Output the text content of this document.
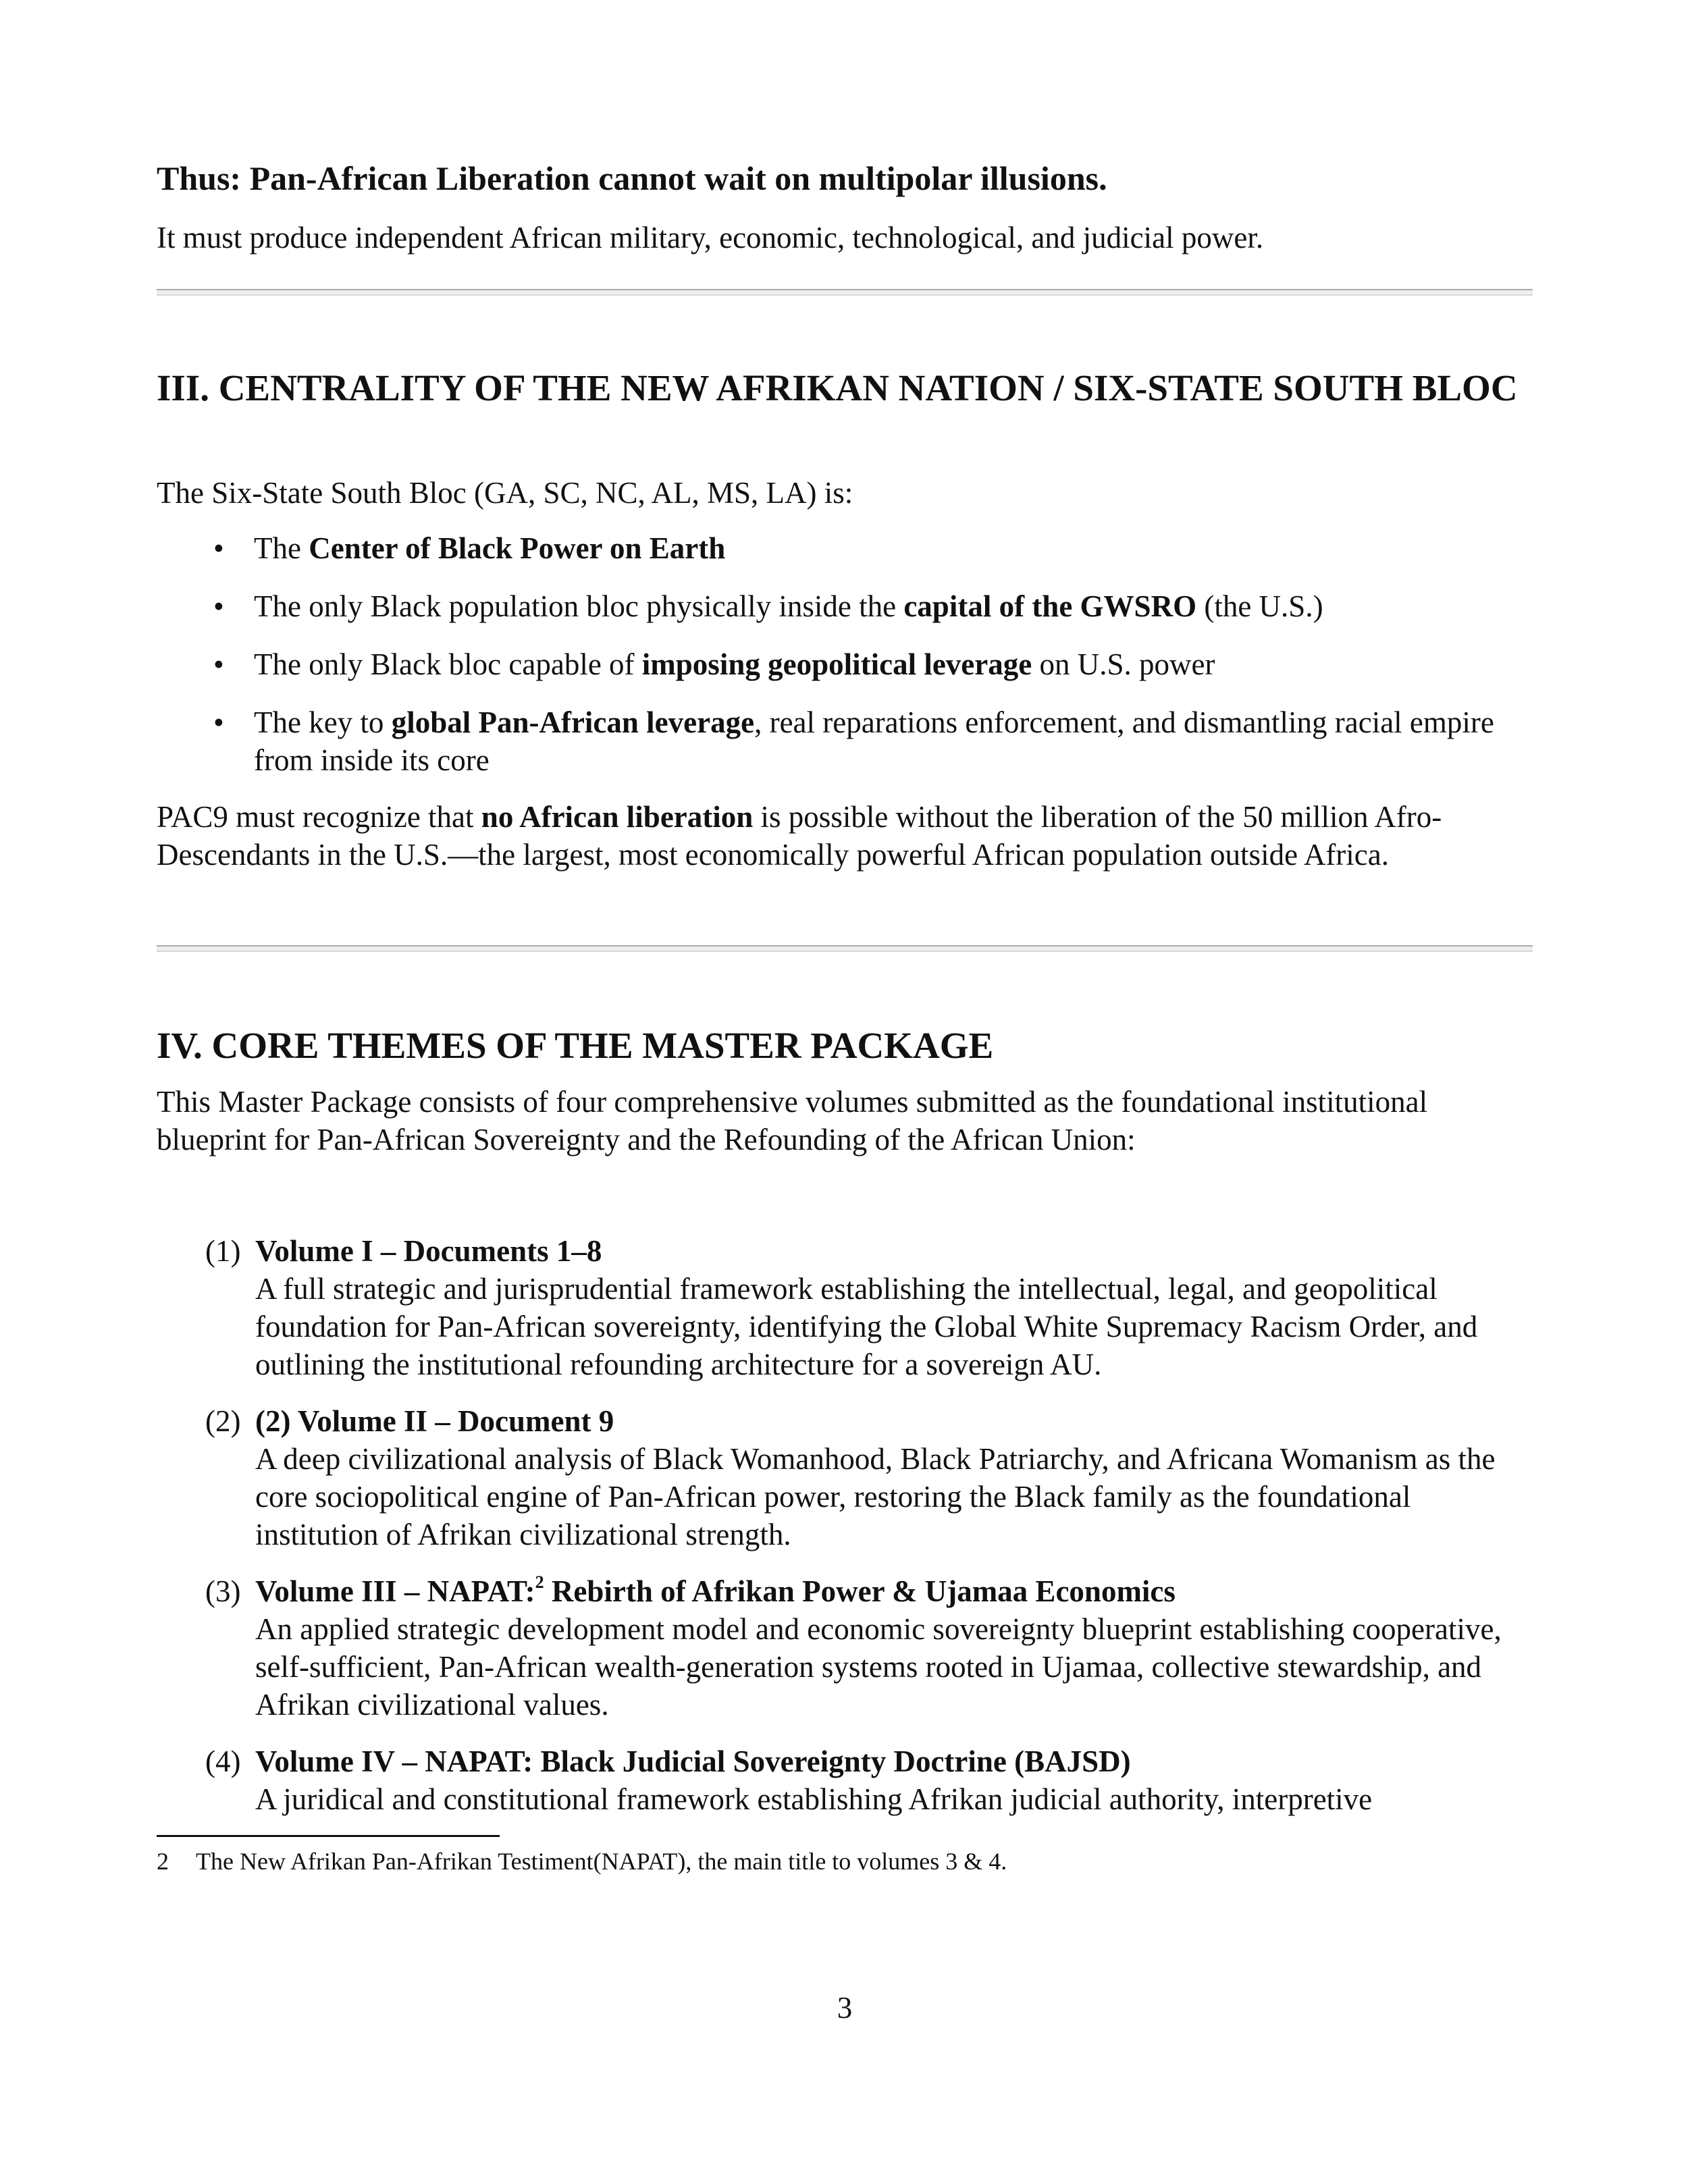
Thus: Pan-African Liberation cannot wait on multipolar illusions.

It must produce independent African military, economic, technological, and judicial power.

III. CENTRALITY OF THE NEW AFRIKAN NATION / SIX-STATE SOUTH BLOC

The Six-State South Bloc (GA, SC, NC, AL, MS, LA) is:

• The Center of Black Power on Earth
• The only Black population bloc physically inside the capital of the GWSRO (the U.S.)
• The only Black bloc capable of imposing geopolitical leverage on U.S. power
• The key to global Pan-African leverage, real reparations enforcement, and dismantling racial empire from inside its core

PAC9 must recognize that no African liberation is possible without the liberation of the 50 million Afro-Descendants in the U.S.—the largest, most economically powerful African population outside Africa.

IV. CORE THEMES OF THE MASTER PACKAGE

This Master Package consists of four comprehensive volumes submitted as the foundational institutional blueprint for Pan-African Sovereignty and the Refounding of the African Union:

(1) Volume I – Documents 1–8
A full strategic and jurisprudential framework establishing the intellectual, legal, and geopolitical foundation for Pan-African sovereignty, identifying the Global White Supremacy Racism Order, and outlining the institutional refounding architecture for a sovereign AU.
(2) (2) Volume II – Document 9
A deep civilizational analysis of Black Womanhood, Black Patriarchy, and Africana Womanism as the core sociopolitical engine of Pan-African power, restoring the Black family as the foundational institution of Afrikan civilizational strength.
(3) Volume III – NAPAT:$^2$ Rebirth of Afrikan Power & Ujamaa Economics
An applied strategic development model and economic sovereignty blueprint establishing cooperative, self-sufficient, Pan-African wealth-generation systems rooted in Ujamaa, collective stewardship, and Afrikan civilizational values.
(4) Volume IV – NAPAT: Black Judicial Sovereignty Doctrine (BAJSD)
A juridical and constitutional framework establishing Afrikan judicial authority, interpretive
2 The New Afrikan Pan-Afrikan Testiment(NAPAT), the main title to volumes 3 & 4.
3
